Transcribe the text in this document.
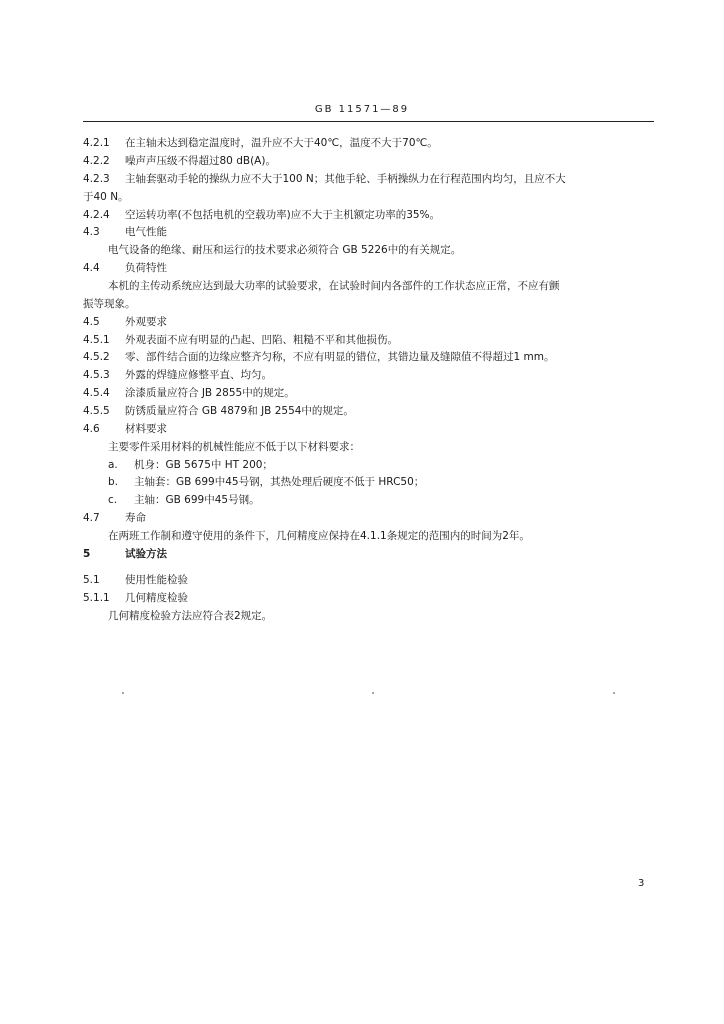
GB 11571—89
4.2.1 在主轴未达到稳定温度时，温升应不大于40℃，温度不大于70℃。
4.2.2 噪声声压级不得超过80 dB(A)。
4.2.3 主轴套驱动手轮的操纵力应不大于100 N；其他手轮、手柄操纵力在行程范围内均匀，且应不大
于40 N。
4.2.4 空运转功率(不包括电机的空载功率)应不大于主机额定功率的35%。
4.3 电气性能
电气设备的绝缘、耐压和运行的技术要求必须符合 GB 5226中的有关规定。
4.4 负荷特性
本机的主传动系统应达到最大功率的试验要求，在试验时间内各部件的工作状态应正常，不应有颤
振等现象。
4.5 外观要求
4.5.1 外观表面不应有明显的凸起、凹陷、粗糙不平和其他损伤。
4.5.2 零、部件结合面的边缘应整齐匀称，不应有明显的错位，其错边量及缝隙值不得超过1 mm。
4.5.3 外露的焊缝应修整平直、均匀。
4.5.4 涂漆质量应符合 JB 2855中的规定。
4.5.5 防锈质量应符合 GB 4879和 JB 2554中的规定。
4.6 材料要求
主要零件采用材料的机械性能应不低于以下材料要求：
a. 机身：GB 5675中 HT 200；
b. 主轴套：GB 699中45号钢，其热处理后硬度不低于 HRC50；
c. 主轴：GB 699中45号钢。
4.7 寿命
在两班工作制和遵守使用的条件下，几何精度应保持在4.1.1条规定的范围内的时间为2年。
5	试验方法
5.1 使用性能检验
5.1.1 几何精度检验
几何精度检验方法应符合表2规定。
3
